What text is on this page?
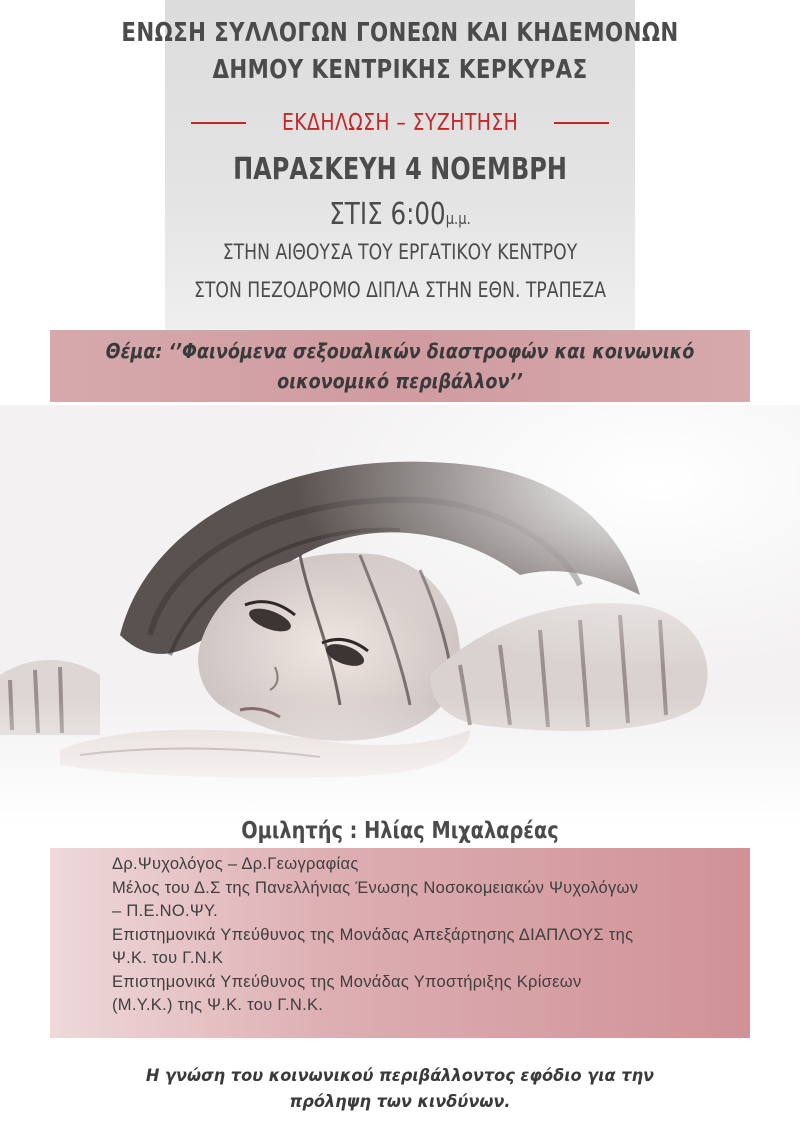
ΕΝΩΣΗ ΣΥΛΛΟΓΩΝ ΓΟΝΕΩΝ ΚΑΙ ΚΗΔΕΜΟΝΩΝ
ΔΗΜΟΥ ΚΕΝΤΡΙΚΗΣ ΚΕΡΚΥΡΑΣ
ΕΚΔΗΛΩΣΗ – ΣΥΖΗΤΗΣΗ
ΠΑΡΑΣΚΕΥΗ 4 ΝΟΕΜΒΡΗ
ΣΤΙΣ 6:00μ.μ.
ΣΤΗΝ ΑΙΘΟΥΣΑ ΤΟΥ ΕΡΓΑΤΙΚΟΥ ΚΕΝΤΡΟΥ
ΣΤΟΝ ΠΕΖΟΔΡΟΜΟ ΔΙΠΛΑ ΣΤΗΝ ΕΘΝ. ΤΡΑΠΕΖΑ
Θέμα: ‘’Φαινόμενα σεξουαλικών διαστροφών και κοινωνικό
οικονομικό περιβάλλον’’
Ομιλητής : Ηλίας Μιχαλαρέας
Δρ.Ψυχολόγος – Δρ.Γεωγραφίας
Μέλος του Δ.Σ της Πανελλήνιας Ένωσης Νοσοκομειακών Ψυχολόγων
– Π.Ε.ΝΟ.ΨΥ.
Επιστημονικά Υπεύθυνος της Μονάδας Απεξάρτησης ΔΙΑΠΛΟΥΣ της
Ψ.Κ. του Γ.Ν.Κ
Επιστημονικά Υπεύθυνος της Μονάδας Υποστήριξης Κρίσεων
(Μ.Υ.Κ.) της Ψ.Κ. του Γ.Ν.Κ.
Η γνώση του κοινωνικού περιβάλλοντος εφόδιο για την
πρόληψη των κινδύνων.
